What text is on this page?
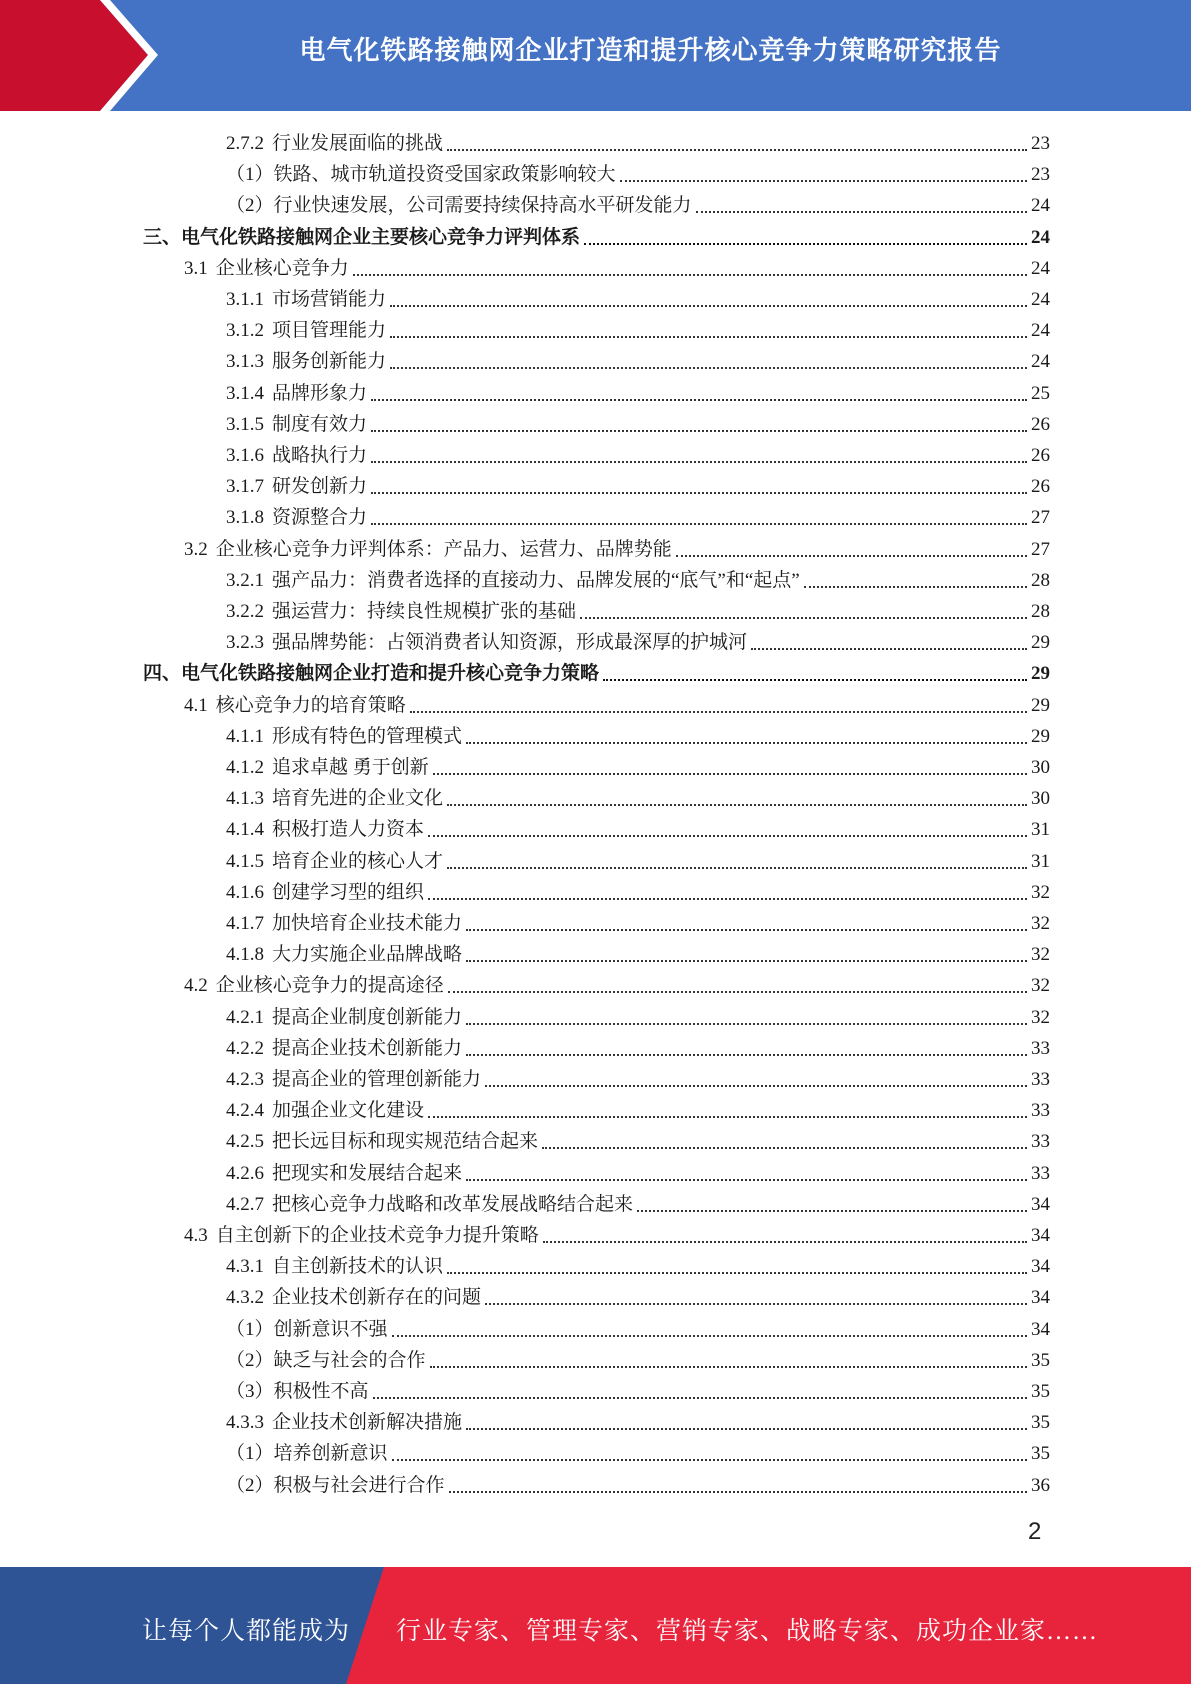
电气化铁路接触网企业打造和提升核心竞争力策略研究报告
2.7.2 行业发展面临的挑战	23
（1）铁路、城市轨道投资受国家政策影响较大	23
（2）行业快速发展，公司需要持续保持高水平研发能力	24
三、电气化铁路接触网企业主要核心竞争力评判体系	24
3.1 企业核心竞争力	24
3.1.1 市场营销能力	24
3.1.2 项目管理能力	24
3.1.3 服务创新能力	24
3.1.4 品牌形象力	25
3.1.5 制度有效力	26
3.1.6 战略执行力	26
3.1.7 研发创新力	26
3.1.8 资源整合力	27
3.2 企业核心竞争力评判体系：产品力、运营力、品牌势能	27
3.2.1 强产品力：消费者选择的直接动力、品牌发展的“底气”和“起点”	28
3.2.2 强运营力：持续良性规模扩张的基础	28
3.2.3 强品牌势能：占领消费者认知资源，形成最深厚的护城河	29
四、电气化铁路接触网企业打造和提升核心竞争力策略	29
4.1 核心竞争力的培育策略	29
4.1.1 形成有特色的管理模式	29
4.1.2 追求卓越 勇于创新	30
4.1.3 培育先进的企业文化	30
4.1.4 积极打造人力资本	31
4.1.5 培育企业的核心人才	31
4.1.6 创建学习型的组织	32
4.1.7 加快培育企业技术能力	32
4.1.8 大力实施企业品牌战略	32
4.2 企业核心竞争力的提高途径	32
4.2.1 提高企业制度创新能力	32
4.2.2 提高企业技术创新能力	33
4.2.3 提高企业的管理创新能力	33
4.2.4 加强企业文化建设	33
4.2.5 把长远目标和现实规范结合起来	33
4.2.6 把现实和发展结合起来	33
4.2.7 把核心竞争力战略和改革发展战略结合起来	34
4.3 自主创新下的企业技术竞争力提升策略	34
4.3.1 自主创新技术的认识	34
4.3.2 企业技术创新存在的问题	34
（1）创新意识不强	34
（2）缺乏与社会的合作	35
（3）积极性不高	35
4.3.3 企业技术创新解决措施	35
（1）培养创新意识	35
（2）积极与社会进行合作	36
2
让每个人都能成为 行业专家、管理专家、营销专家、战略专家、成功企业家……
